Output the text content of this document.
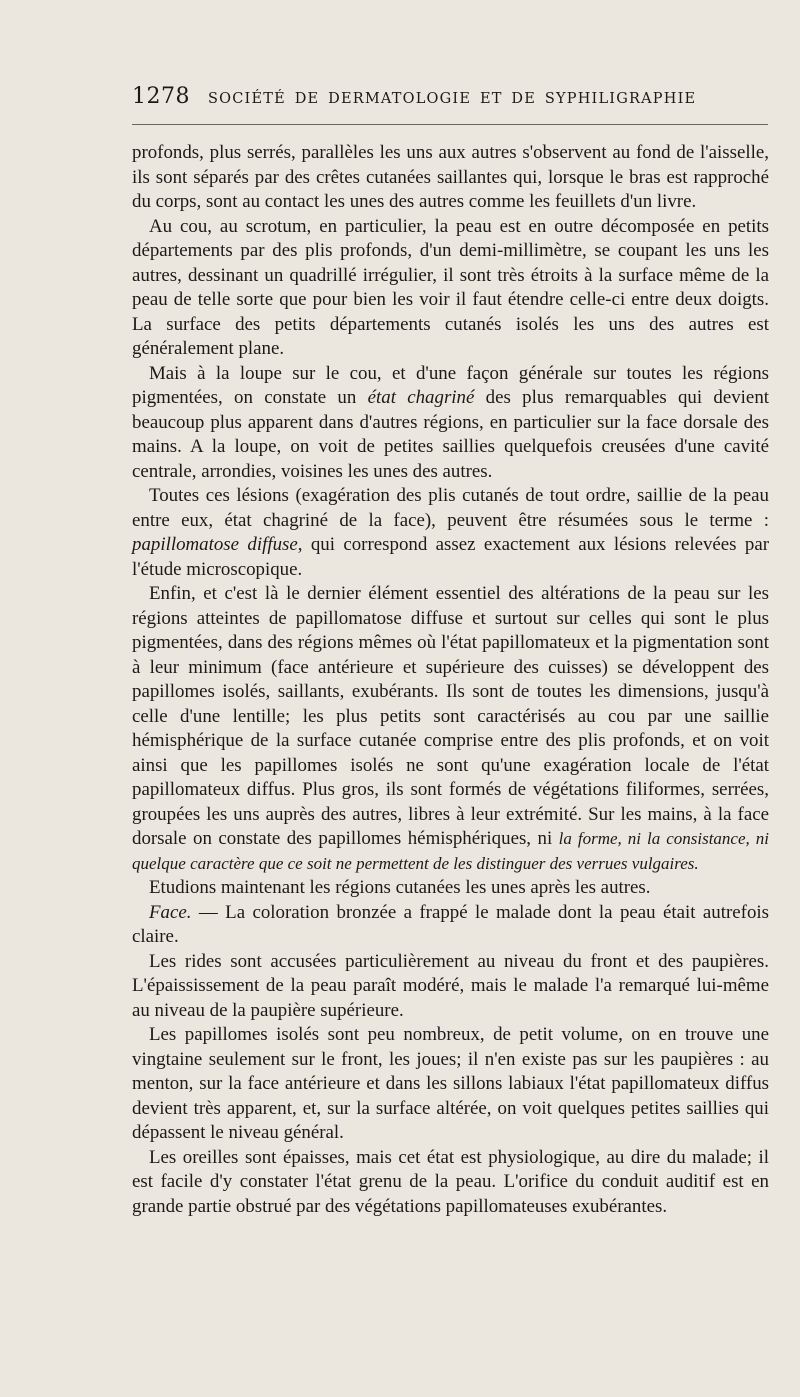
1278 SOCIÉTÉ DE DERMATOLOGIE ET DE SYPHILIGRAPHIE

profonds, plus serrés, parallèles les uns aux autres s'observent au fond de l'aisselle, ils sont séparés par des crêtes cutanées saillantes qui, lorsque le bras est rapproché du corps, sont au contact les unes des autres comme les feuillets d'un livre.

Au cou, au scrotum, en particulier, la peau est en outre décomposée en petits départements par des plis profonds, d'un demi-millimètre, se coupant les uns les autres, dessinant un quadrillé irrégulier, il sont très étroits à la surface même de la peau de telle sorte que pour bien les voir il faut étendre celle-ci entre deux doigts. La surface des petits départements cutanés isolés les uns des autres est généralement plane.

Mais à la loupe sur le cou, et d'une façon générale sur toutes les régions pigmentées, on constate un état chagriné des plus remarquables qui devient beaucoup plus apparent dans d'autres régions, en particulier sur la face dorsale des mains. A la loupe, on voit de petites saillies quelquefois creusées d'une cavité centrale, arrondies, voisines les unes des autres.

Toutes ces lésions (exagération des plis cutanés de tout ordre, saillie de la peau entre eux, état chagriné de la face), peuvent être résumées sous le terme : papillomatose diffuse, qui correspond assez exactement aux lésions relevées par l'étude microscopique.

Enfin, et c'est là le dernier élément essentiel des altérations de la peau sur les régions atteintes de papillomatose diffuse et surtout sur celles qui sont le plus pigmentées, dans des régions mêmes où l'état papillomateux et la pigmentation sont à leur minimum (face antérieure et supérieure des cuisses) se développent des papillomes isolés, saillants, exubérants. Ils sont de toutes les dimensions, jusqu'à celle d'une lentille; les plus petits sont caractérisés au cou par une saillie hémisphérique de la surface cutanée comprise entre des plis profonds, et on voit ainsi que les papillomes isolés ne sont qu'une exagération locale de l'état papillomateux diffus. Plus gros, ils sont formés de végétations filiformes, serrées, groupées les uns auprès des autres, libres à leur extrémité. Sur les mains, à la face dorsale on constate des papillomes hémisphériques, ni la forme, ni la consistance, ni quelque caractère que ce soit ne permettent de les distinguer des verrues vulgaires.

Etudions maintenant les régions cutanées les unes après les autres.

Face. — La coloration bronzée a frappé le malade dont la peau était autrefois claire.

Les rides sont accusées particulièrement au niveau du front et des paupières. L'épaississement de la peau paraît modéré, mais le malade l'a remarqué lui-même au niveau de la paupière supérieure.

Les papillomes isolés sont peu nombreux, de petit volume, on en trouve une vingtaine seulement sur le front, les joues; il n'en existe pas sur les paupières : au menton, sur la face antérieure et dans les sillons labiaux l'état papillomateux diffus devient très apparent, et, sur la surface altérée, on voit quelques petites saillies qui dépassent le niveau général.

Les oreilles sont épaisses, mais cet état est physiologique, au dire du malade; il est facile d'y constater l'état grenu de la peau. L'orifice du conduit auditif est en grande partie obstrué par des végétations papillomateuses exubérantes.
